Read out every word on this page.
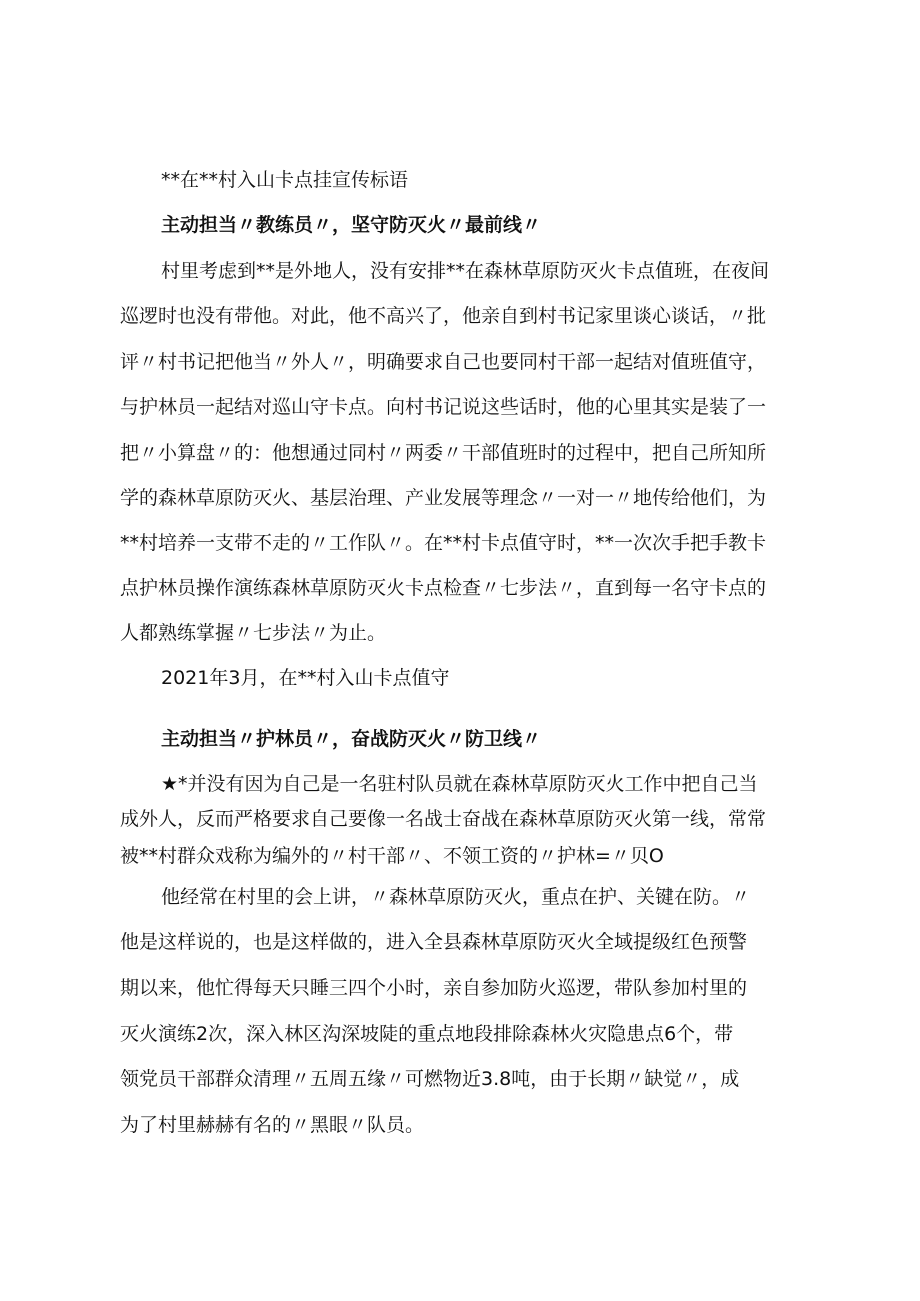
**在**村入山卡点挂宣传标语

主动担当〃教练员〃，坚守防灭火〃最前线〃

村里考虑到**是外地人，没有安排**在森林草原防灭火卡点值班，在夜间

巡逻时也没有带他。对此，他不高兴了，他亲自到村书记家里谈心谈话，〃批

评〃村书记把他当〃外人〃，明确要求自己也要同村干部一起结对值班值守，

与护林员一起结对巡山守卡点。向村书记说这些话时，他的心里其实是装了一

把〃小算盘〃的：他想通过同村〃两委〃干部值班时的过程中，把自己所知所

学的森林草原防灭火、基层治理、产业发展等理念〃一对一〃地传给他们，为

**村培养一支带不走的〃工作队〃。在**村卡点值守时，**一次次手把手教卡

点护林员操作演练森林草原防灭火卡点检查〃七步法〃，直到每一名守卡点的

人都熟练掌握〃七步法〃为止。

2021年3月，在**村入山卡点值守

主动担当〃护林员〃，奋战防灭火〃防卫线〃

★*并没有因为自己是一名驻村队员就在森林草原防灭火工作中把自己当

成外人，反而严格要求自己要像一名战士奋战在森林草原防灭火第一线，常常

被**村群众戏称为编外的〃村干部〃、不领工资的〃护林=〃贝O

他经常在村里的会上讲，〃森林草原防灭火，重点在护、关键在防。〃

他是这样说的，也是这样做的，进入全县森林草原防灭火全域提级红色预警

期以来，他忙得每天只睡三四个小时，亲自参加防火巡逻，带队参加村里的

灭火演练2次，深入林区沟深坡陡的重点地段排除森林火灾隐患点6个，带

领党员干部群众清理〃五周五缘〃可燃物近3.8吨，由于长期〃缺觉〃，成

为了村里赫赫有名的〃黑眼〃队员。
